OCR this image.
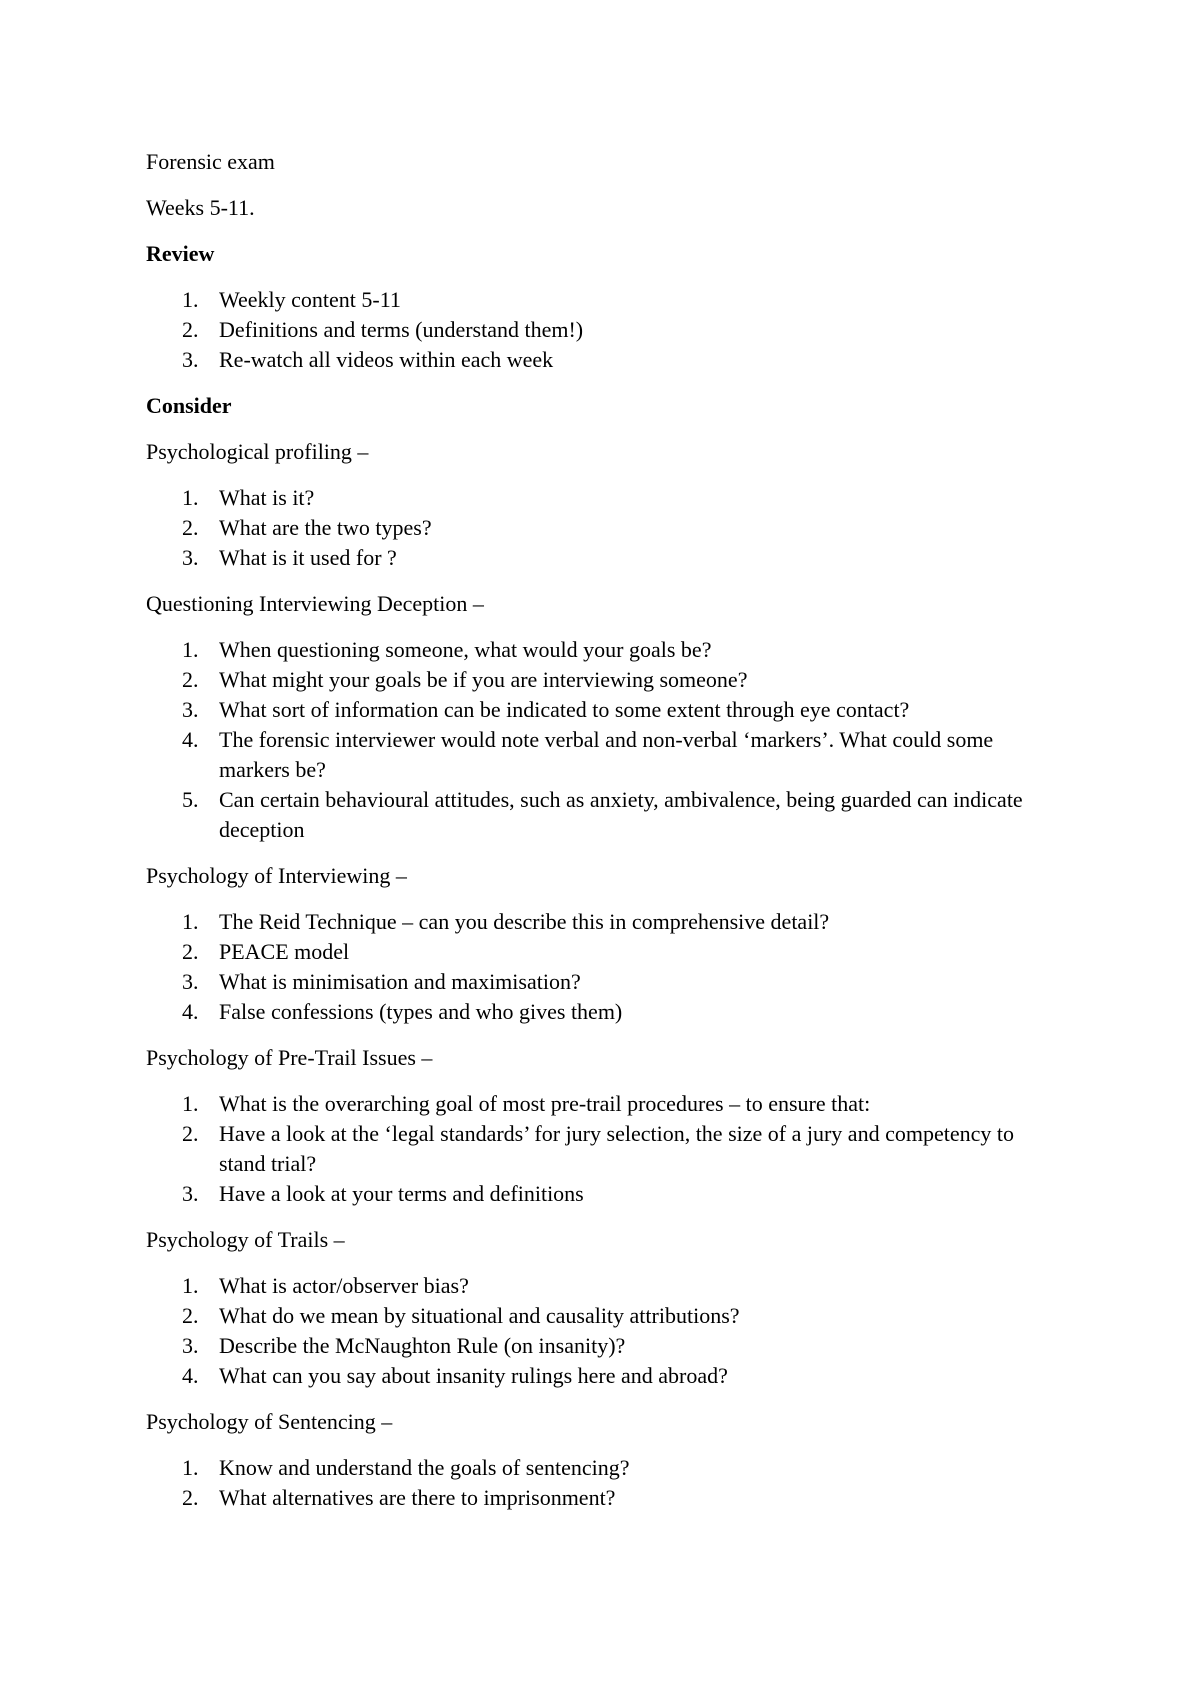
Forensic exam

Weeks 5-11.

Review

1. Weekly content 5-11
2. Definitions and terms (understand them!)
3. Re-watch all videos within each week

Consider

Psychological profiling –

1. What is it?
2. What are the two types?
3. What is it used for ?

Questioning Interviewing Deception –

1. When questioning someone, what would your goals be?
2. What might your goals be if you are interviewing someone?
3. What sort of information can be indicated to some extent through eye contact?
4. The forensic interviewer would note verbal and non-verbal ‘markers’. What could some markers be?
5. Can certain behavioural attitudes, such as anxiety, ambivalence, being guarded can indicate deception

Psychology of Interviewing –

1. The Reid Technique – can you describe this in comprehensive detail?
2. PEACE model
3. What is minimisation and maximisation?
4. False confessions (types and who gives them)

Psychology of Pre-Trail Issues –

1. What is the overarching goal of most pre-trail procedures – to ensure that:
2. Have a look at the ‘legal standards’ for jury selection, the size of a jury and competency to stand trial?
3. Have a look at your terms and definitions

Psychology of Trails –

1. What is actor/observer bias?
2. What do we mean by situational and causality attributions?
3. Describe the McNaughton Rule (on insanity)?
4. What can you say about insanity rulings here and abroad?

Psychology of Sentencing –

1. Know and understand the goals of sentencing?
2. What alternatives are there to imprisonment?
